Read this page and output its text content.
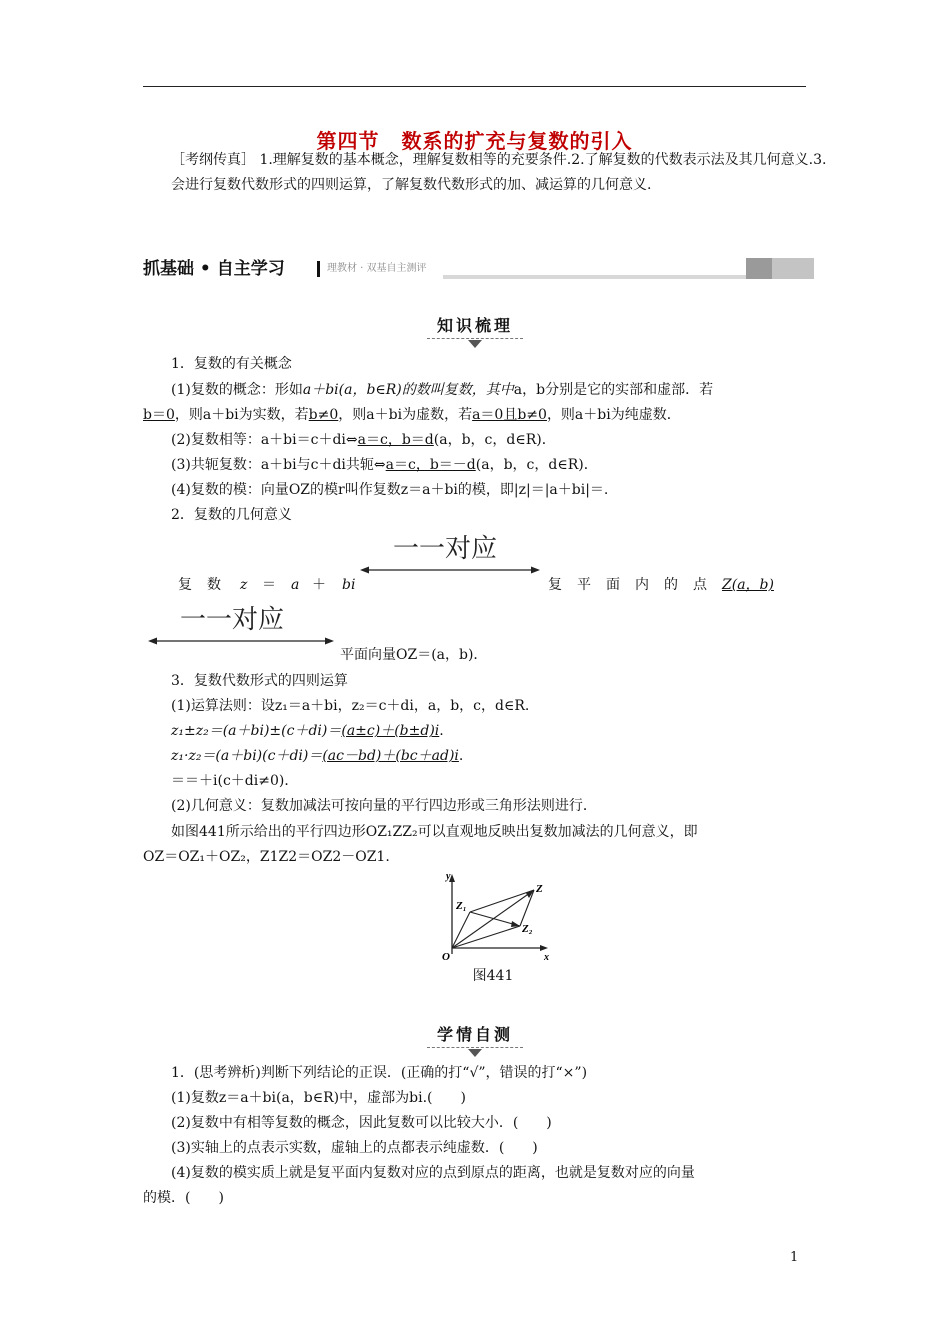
第四节 数系的扩充与复数的引入
［考纲传真］ 1.理解复数的基本概念，理解复数相等的充要条件.2.了解复数的代数表示法及其几何意义.3.会进行复数代数形式的四则运算，了解复数代数形式的加、减运算的几何意义.
抓基础 • 自主学习	理教材 · 双基自主测评
知识梳理
1．复数的有关概念
(1)复数的概念：形如a＋bi(a，b∈R)的数叫复数，其中a，b分别是它的实部和虚部．若
b＝0，则a＋bi为实数，若b≠0，则a＋bi为虚数，若a＝0且b≠0，则a＋bi为纯虚数．
(2)复数相等：a＋bi＝c＋di⇔a＝c，b＝d(a，b，c，d∈R)．
(3)共轭复数：a＋bi与c＋di共轭⇔a＝c，b＝－d(a，b，c，d∈R)．
(4)复数的模：向量OZ的模r叫作复数z＝a＋bi的模，即|z|＝|a＋bi|＝.
2．复数的几何意义
一一对应
复 数 z ＝ a ＋ bi	复 平 面 内 的 点 Z(a，b)
一一对应
平面向量OZ＝(a，b)．
3．复数代数形式的四则运算
(1)运算法则：设z₁＝a＋bi，z₂＝c＋di，a，b，c，d∈R.
z₁±z₂＝(a＋bi)±(c＋di)＝(a±c)＋(b±d)i.
z₁·z₂＝(a＋bi)(c＋di)＝(ac－bd)＋(bc＋ad)i.
＝＝＋i(c＋di≠0)．
(2)几何意义：复数加减法可按向量的平行四边形或三角形法则进行．
如图441所示给出的平行四边形OZ₁ZZ₂可以直观地反映出复数加减法的几何意义，即
OZ＝OZ₁＋OZ₂，Z1Z2＝OZ2－OZ1.
y
x
O
Z
Z₁
Z₂
图441
学情自测
1．(思考辨析)判断下列结论的正误．(正确的打“√”，错误的打“×”)
(1)复数z＝a＋bi(a，b∈R)中，虚部为bi.(　　)
(2)复数中有相等复数的概念，因此复数可以比较大小．(　　)
(3)实轴上的点表示实数，虚轴上的点都表示纯虚数．(　　)
(4)复数的模实质上就是复平面内复数对应的点到原点的距离，也就是复数对应的向量
的模．(　　)
1
